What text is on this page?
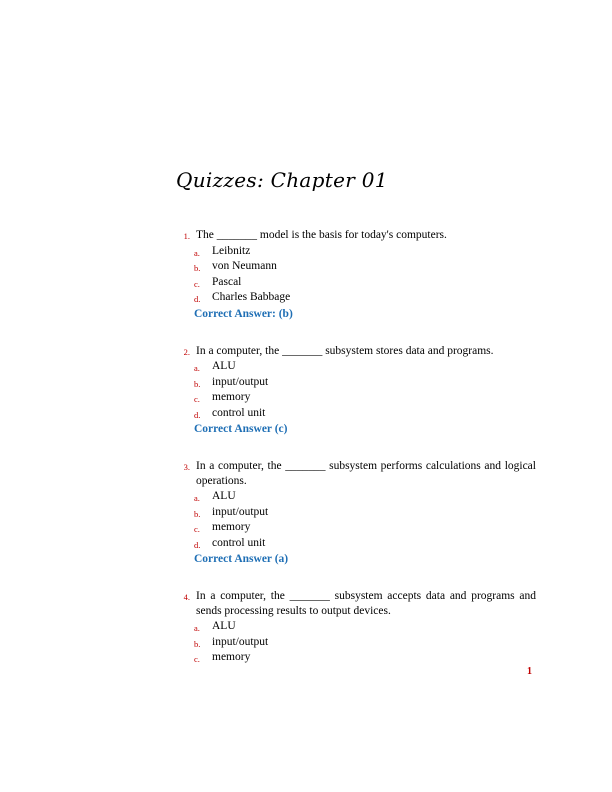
Quizzes: Chapter 01
1. The _______ model is the basis for today's computers.
a. Leibnitz
b. von Neumann
c. Pascal
d. Charles Babbage
Correct Answer: (b)
2. In a computer, the _______ subsystem stores data and programs.
a. ALU
b. input/output
c. memory
d. control unit
Correct Answer (c)
3. In a computer, the _______ subsystem performs calculations and logical operations.
a. ALU
b. input/output
c. memory
d. control unit
Correct Answer (a)
4. In a computer, the _______ subsystem accepts data and programs and sends processing results to output devices.
a. ALU
b. input/output
c. memory
1
